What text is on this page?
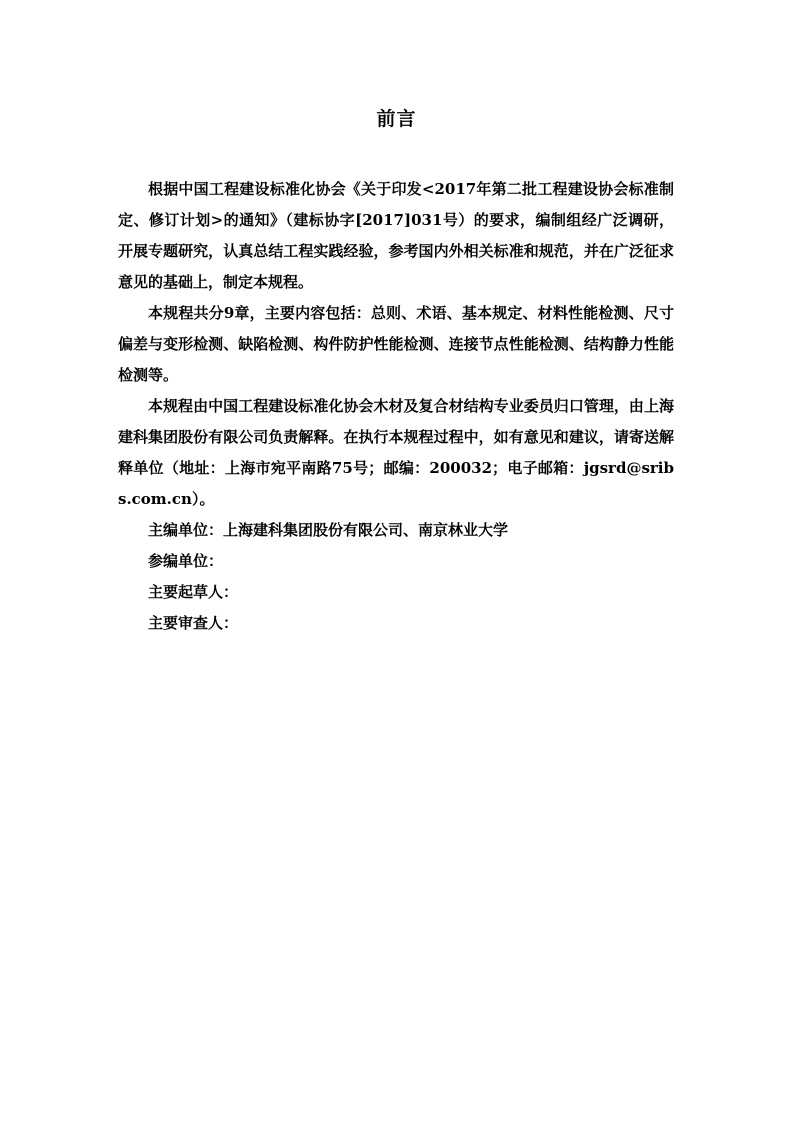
前言

根据中国工程建设标准化协会《关于印发<2017年第二批工程建设协会标准制定、修订计划>的通知》（建标协字[2017]031号）的要求，编制组经广泛调研，开展专题研究，认真总结工程实践经验，参考国内外相关标准和规范，并在广泛征求意见的基础上，制定本规程。

本规程共分9章，主要内容包括：总则、术语、基本规定、材料性能检测、尺寸偏差与变形检测、缺陷检测、构件防护性能检测、连接节点性能检测、结构静力性能检测等。

本规程由中国工程建设标准化协会木材及复合材结构专业委员归口管理，由上海建科集团股份有限公司负责解释。在执行本规程过程中，如有意见和建议，请寄送解释单位（地址：上海市宛平南路75号；邮编：200032；电子邮箱：jgsrd@sribs.com.cn）。

主编单位：上海建科集团股份有限公司、南京林业大学

参编单位：

主要起草人：

主要审查人：
